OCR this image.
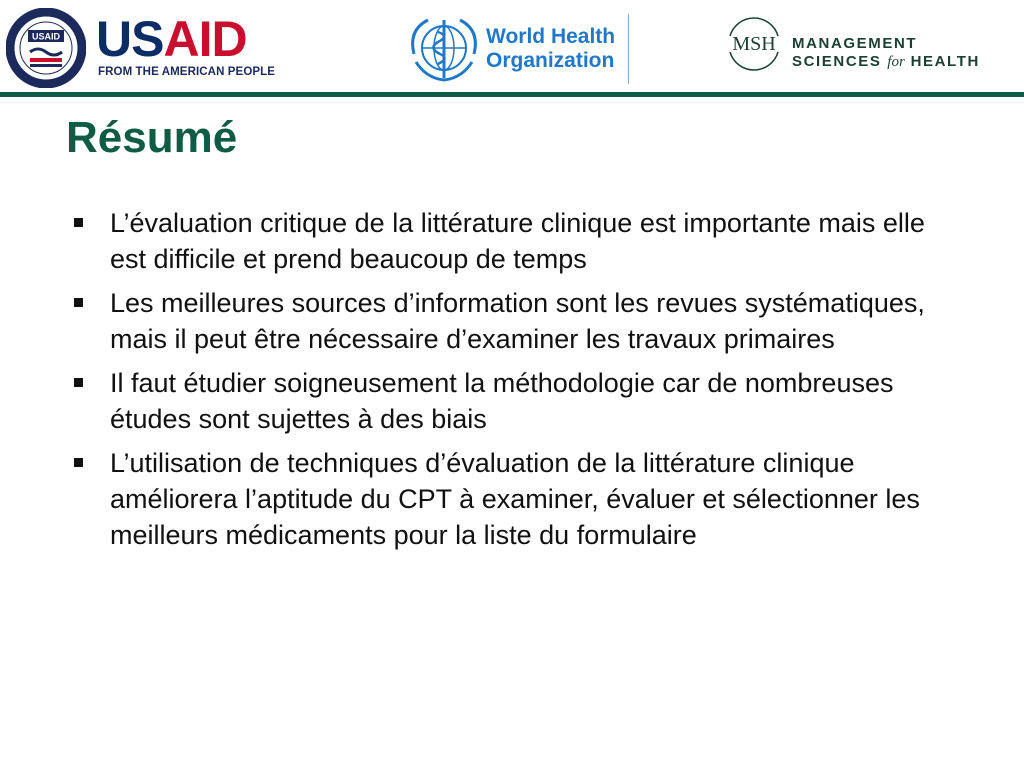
USAID USAID
FROM THE AMERICAN PEOPLE
World Health
Organization
MSH MANAGEMENT
SCIENCES for HEALTH
Résumé
L’évaluation critique de la littérature clinique est importante mais elle est difficile et prend beaucoup de temps
Les meilleures sources d’information sont les revues systématiques, mais il peut être nécessaire d’examiner les travaux primaires
Il faut étudier soigneusement la méthodologie car de nombreuses études sont sujettes à des biais
L’utilisation de techniques d’évaluation de la littérature clinique améliorera l’aptitude du CPT à examiner, évaluer et sélectionner les meilleurs médicaments pour la liste du formulaire
